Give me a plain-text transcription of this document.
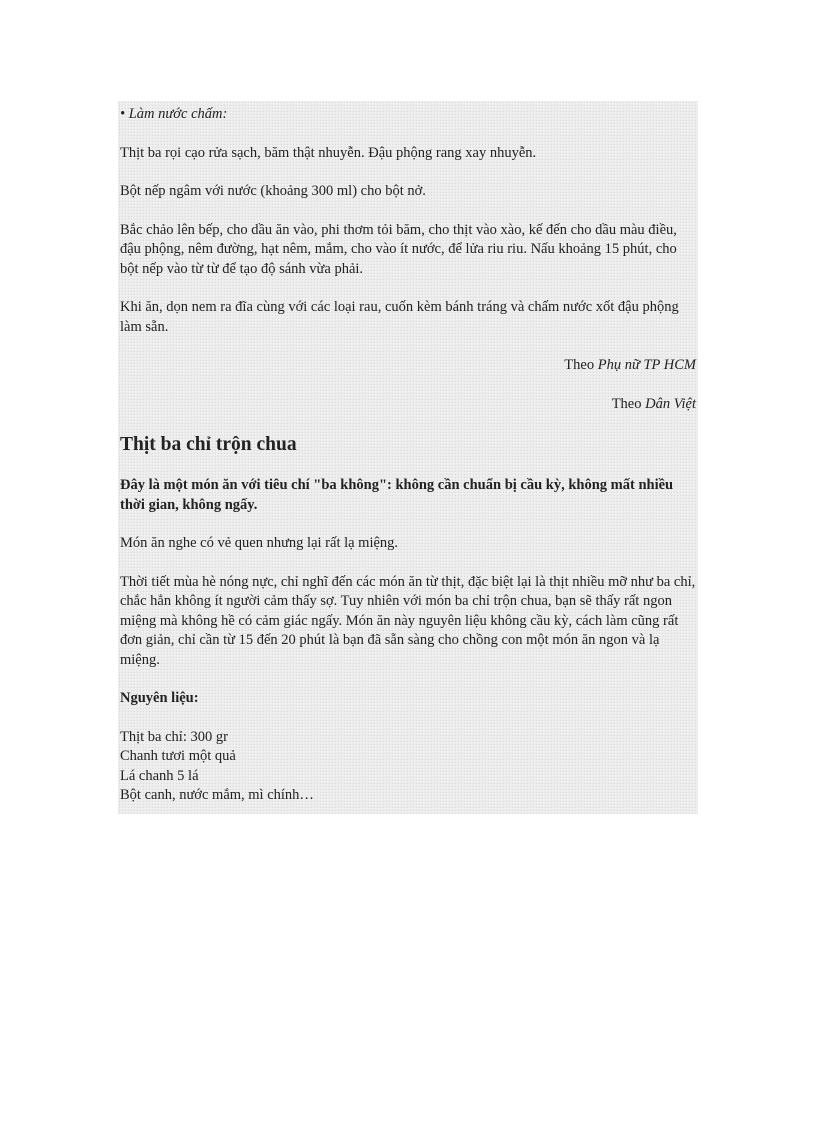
• Làm nước chấm:

Thịt ba rọi cạo rửa sạch, băm thật nhuyễn. Đậu phộng rang xay nhuyễn.

Bột nếp ngâm với nước (khoảng 300 ml) cho bột nở.

Bắc chảo lên bếp, cho dầu ăn vào, phi thơm tỏi băm, cho thịt vào xào, kế đến cho dầu màu điều, đậu phộng, nêm đường, hạt nêm, mắm, cho vào ít nước, để lửa riu riu. Nấu khoảng 15 phút, cho bột nếp vào từ từ để tạo độ sánh vừa phải.

Khi ăn, dọn nem ra đĩa cùng với các loại rau, cuốn kèm bánh tráng và chấm nước xốt đậu phộng làm sẵn.

Theo Phụ nữ TP HCM

Theo Dân Việt

Thịt ba chỉ trộn chua

Đây là một món ăn với tiêu chí "ba không": không cần chuẩn bị cầu kỳ, không mất nhiều thời gian, không ngấy.

Món ăn nghe có vẻ quen nhưng lại rất lạ miệng.

Thời tiết mùa hè nóng nực, chỉ nghĩ đến các món ăn từ thịt, đặc biệt lại là thịt nhiều mỡ như ba chỉ, chắc hẳn không ít người cảm thấy sợ. Tuy nhiên với món ba chỉ trộn chua, bạn sẽ thấy rất ngon miệng mà không hề có cảm giác ngấy. Món ăn này nguyên liệu không cầu kỳ, cách làm cũng rất đơn giản, chỉ cần từ 15 đến 20 phút là bạn đã sẵn sàng cho chồng con một món ăn ngon và lạ miệng.

Nguyên liệu:

Thịt ba chỉ: 300 gr

Chanh tươi một quả

Lá chanh 5 lá

Bột canh, nước mắm, mì chính…
